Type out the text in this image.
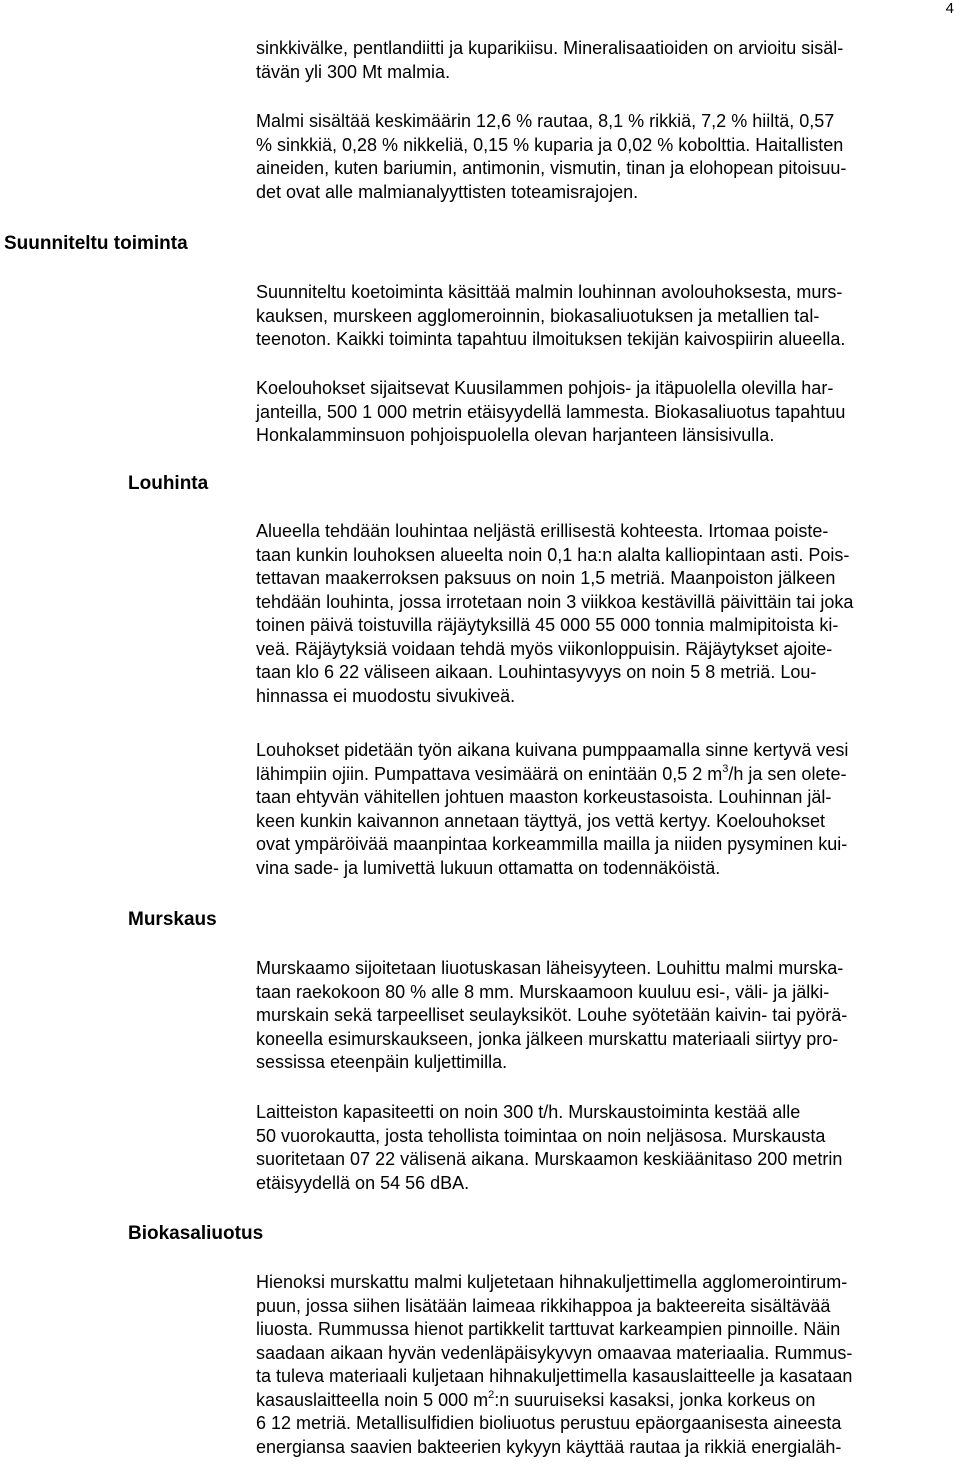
4
Suunniteltu toiminta
Louhinta
Murskaus
Biokasaliuotus
sinkkivälke, pentlandiitti ja kuparikiisu. Mineralisaatioiden on arvioitu sisäl-
tävän yli 300 Mt malmia.
Malmi sisältää keskimäärin 12,6 % rautaa, 8,1 % rikkiä, 7,2 % hiiltä, 0,57
% sinkkiä, 0,28 % nikkeliä, 0,15 % kuparia ja 0,02 % kobolttia. Haitallisten
aineiden, kuten bariumin, antimonin, vismutin, tinan ja elohopean pitoisuu-
det ovat alle malmianalyyttisten toteamisrajojen.
Suunniteltu koetoiminta käsittää malmin louhinnan avolouhoksesta, murs-
kauksen, murskeen agglomeroinnin, biokasaliuotuksen ja metallien tal-
teenoton. Kaikki toiminta tapahtuu ilmoituksen tekijän kaivospiirin alueella.
Koelouhokset sijaitsevat Kuusilammen pohjois- ja itäpuolella olevilla har-
janteilla, 500 1 000 metrin etäisyydellä lammesta. Biokasaliuotus tapahtuu
Honkalamminsuon pohjoispuolella olevan harjanteen länsisivulla.
Alueella tehdään louhintaa neljästä erillisestä kohteesta. Irtomaa poiste-
taan kunkin louhoksen alueelta noin 0,1 ha:n alalta kalliopintaan asti. Pois-
tettavan maakerroksen paksuus on noin 1,5 metriä. Maanpoiston jälkeen
tehdään louhinta, jossa irrotetaan noin 3 viikkoa kestävillä päivittäin tai joka
toinen päivä toistuvilla räjäytyksillä 45 000 55 000 tonnia malmipitoista ki-
veä. Räjäytyksiä voidaan tehdä myös viikonloppuisin. Räjäytykset ajoite-
taan klo 6 22 väliseen aikaan. Louhintasyvyys on noin 5 8 metriä. Lou-
hinnassa ei muodostu sivukiveä.
Louhokset pidetään työn aikana kuivana pumppaamalla sinne kertyvä vesi
lähimpiin ojiin. Pumpattava vesimäärä on enintään 0,5 2 $m^3/h$ ja sen olete-
taan ehtyvän vähitellen johtuen maaston korkeustasoista. Louhinnan jäl-
keen kunkin kaivannon annetaan täyttyä, jos vettä kertyy. Koelouhokset
ovat ympäröivää maanpintaa korkeammilla mailla ja niiden pysyminen kui-
vina sade- ja lumivettä lukuun ottamatta on todennäköistä.
Murskaamo sijoitetaan liuotuskasan läheisyyteen. Louhittu malmi murska-
taan raekokoon 80 % alle 8 mm. Murskaamoon kuuluu esi-, väli- ja jälki-
murskain sekä tarpeelliset seulayksiköt. Louhe syötetään kaivin- tai pyörä-
koneella esimurskaukseen, jonka jälkeen murskattu materiaali siirtyy pro-
sessissa eteenpäin kuljettimilla.
Laitteiston kapasiteetti on noin 300 t/h. Murskaustoiminta kestää alle
50 vuorokautta, josta tehollista toimintaa on noin neljäsosa. Murskausta
suoritetaan 07 22 välisenä aikana. Murskaamon keskiäänitaso 200 metrin
etäisyydellä on 54 56 dBA.
Hienoksi murskattu malmi kuljetetaan hihnakuljettimella agglomerointirum-
puun, jossa siihen lisätään laimeaa rikkihappoa ja bakteereita sisältävää
liuosta. Rummussa hienot partikkelit tarttuvat karkeampien pinnoille. Näin
saadaan aikaan hyvän vedenläpäisykyvyn omaavaa materiaalia. Rummus-
ta tuleva materiaali kuljetaan hihnakuljettimella kasauslaitteelle ja kasataan
kasauslaitteella noin 5 000 $m^2:n$ suuruiseksi kasaksi, jonka korkeus on
6 12 metriä. Metallisulfidien bioliuotus perustuu epäorgaanisesta aineesta
energiansa saavien bakteerien kykyyn käyttää rautaa ja rikkiä energialäh-
